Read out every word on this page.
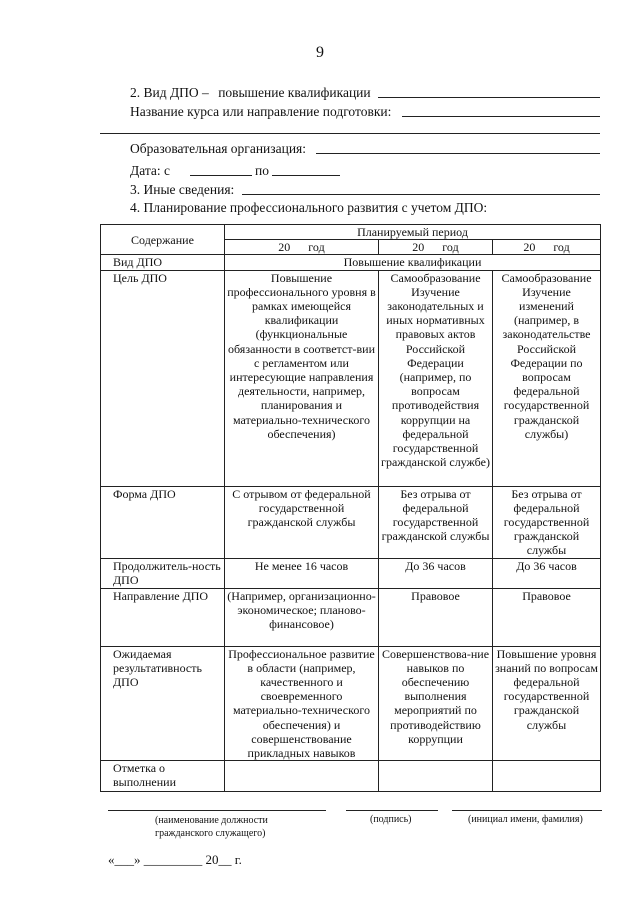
9
2. Вид ДПО – повышение квалификации
Название курса или направление подготовки:
Образовательная организация:
Дата: с	по
3. Иные сведения:
4. Планирование профессионального развития с учетом ДПО:
Содержание	Планируемый период		
	20      год	20      год	20      год
Вид ДПО	Повышение квалификации		
Цель ДПО	Повышение профессионального уровня в рамках имеющейся квалификации (функциональные обязанности в соответст-вии с регламентом или интересующие направления деятельности, например, планирования и материально-технического обеспечения)	Самообразование Изучение законодательных и иных нормативных правовых актов Российской Федерации (например, по вопросам противодействия коррупции на федеральной государственной гражданской службе)	Самообразование Изучение изменений (например, в законодательстве Российской Федерации по вопросам федеральной государственной гражданской службы)
Форма ДПО	С отрывом от федеральной государственной гражданской службы	Без отрыва от федеральной государственной гражданской службы	Без отрыва от федеральной государственной гражданской службы
Продолжитель-ность ДПО	Не менее 16 часов	До 36 часов	До 36 часов
Направление ДПО	(Например, организационно-экономическое; планово-финансовое)	Правовое	Правовое
Ожидаемая результативность ДПО	Профессиональное развитие в области (например, качественного и своевременного материально-технического обеспечения) и совершенствование прикладных навыков	Совершенствова-ние навыков по обеспечению выполнения мероприятий по противодействию коррупции	Повышение уровня знаний по вопросам федеральной государственной гражданской службы
Отметка о выполнении			
(наименование должности гражданского служащего)
(подпись)	(инициал имени, фамилия)
«___» _________ 20__ г.
